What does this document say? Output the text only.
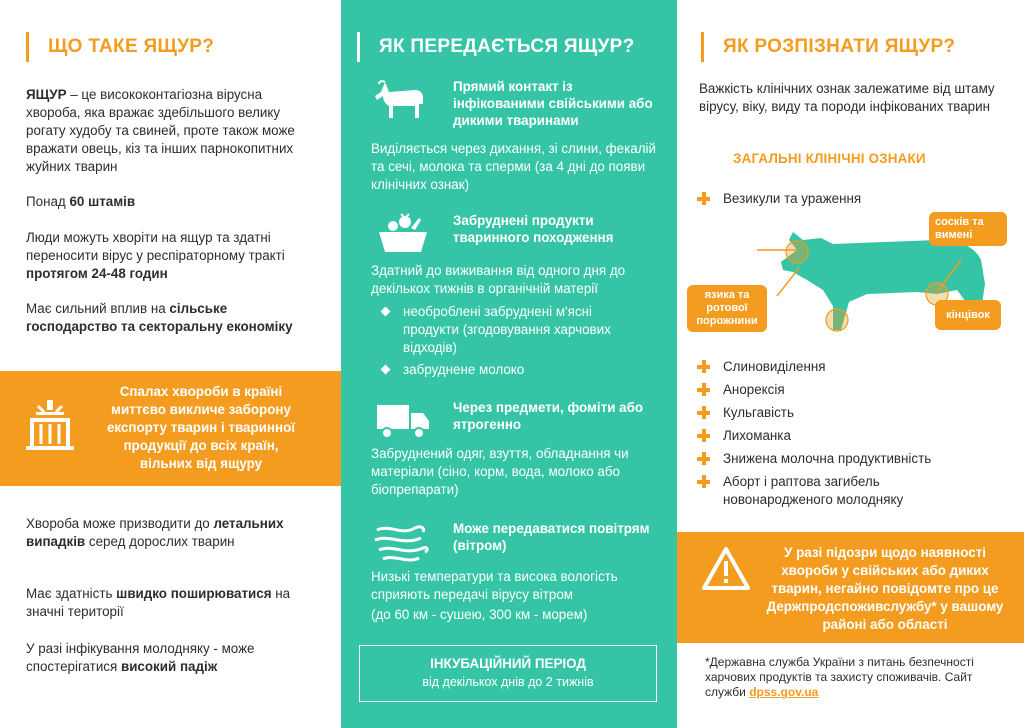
ЩО ТАКЕ ЯЩУР?
ЯЩУР – це висококонтагіозна вірусна хвороба, яка вражає здебільшого велику рогату худобу та свиней, проте також може вражати овець, кіз та інших парнокопитних жуйних тварин
Понад 60 штамів
Люди можуть хворіти на ящур та здатні переносити вірус у респіраторному тракті протягом 24-48 годин
Має сильний вплив на сільське господарство та секторальну економіку
Спалах хвороби в країні миттєво викличе заборону експорту тварин і тваринної продукції до всіх країн, вільних від ящуру
Хвороба може призводити до летальних випадків серед дорослих тварин
Має здатність швидко поширюватися на значні території
У разі інфікування молодняку - може спостерігатися високий падіж
ЯК ПЕРЕДАЄТЬСЯ ЯЩУР?
Прямий контакт із інфікованими свійськими або дикими тваринами
Виділяється через дихання, зі слини, фекалій та сечі, молока та сперми (за 4 дні до появи клінічних ознак)
Забруднені продукти тваринного походження
Здатний до виживання від одного дня до декількох тижнів в органічній матерії
необроблені забруднені м'ясні продукти (згодовування харчових відходів)
забруднене молоко
Через предмети, фоміти або ятрогенно
Забруднений одяг, взуття, обладнання чи матеріали (сіно, корм, вода, молоко або біопрепарати)
Може передаватися повітрям (вітром)
Низькі температури та висока вологість сприяють передачі вірусу вітром
(до 60 км - сушею, 300 км - морем)
ІНКУБАЦІЙНИЙ ПЕРІОД
від декількох днів до 2 тижнів
ЯК РОЗПІЗНАТИ ЯЩУР?
Важкість клінічних ознак залежатиме від штаму вірусу, віку, виду та породи інфікованих тварин
ЗАГАЛЬНІ КЛІНІЧНІ ОЗНАКИ
Везикули та ураження
сосків та вимені
язика та ротової порожнини	кінцівок
Слиновиділення
Анорексія
Кульгавість
Лихоманка
Знижена молочна продуктивність
Аборт і раптова загибель новонародженого молодняку
У разі підозри щодо наявності хвороби у свійських або диких тварин, негайно повідомте про це Держпродспоживслужбу* у вашому районі або області
*Державна служба України з питань безпечності харчових продуктів та захисту споживачів. Сайт служби dpss.gov.ua
